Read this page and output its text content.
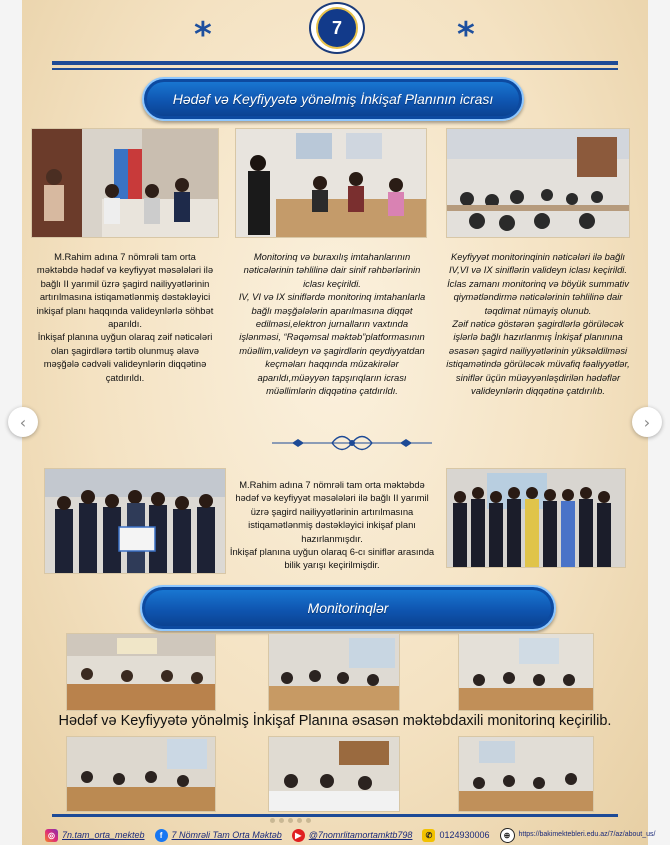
*	*
7
Hədəf və Keyfiyyətə yönəlmiş İnkişaf Planının icrası

M.Rahim adına 7 nömrəli tam orta məktəbdə hədəf və keyfiyyət məsələləri ilə bağlı II yarımil üzrə şagird nailiyyətlərinin artırılmasına istiqamətlənmiş dəstəkləyici inkişaf planı haqqında valideynlərlə söhbət aparıldı.
İnkişaf planına uyğun olaraq zəif nəticələri olan şagirdlərə tərtib olunmuş əlavə məşğələ cədvəli valideynlərin diqqətinə çatdırıldı.

Monitorinq və buraxılış imtahanlarının nəticələrinin təhlilinə dair sinif rəhbərlərinin iclası keçirildi.
IV, VI və IX siniflərdə monitorinq imtahanlarla bağlı məşğələlərin aparılmasına diqqət edilməsi,elektron jurnalların vaxtında işlənməsi, “Rəqəmsal məktəb”platformasının müəllim,valideyn və şagirdlərin qeydiyyatdan keçməları haqqında müzakirələr aparıldı,müəyyən tapşırıqların icrası müəllimlərin diqqətinə çatdırıldı.

Keyfiyyət monitorinqinin nəticələri ilə bağlı IV,VI və IX siniflərin valideyn iclası keçirildi.
İclas zamanı monitorinq və böyük summativ qiymətləndirmə nəticələrinin təhlilinə dair təqdimat nümayiş olunub.
Zəif nəticə göstərən şagirdlərlə görüləcək işlərlə bağlı hazırlanmış İnkişaf planınına əsasən şagird nailiyyətlərinin yüksəldilməsi istiqamətində görüləcək müvafiq fəaliyyətlər, siniflər üçün müəyyənləşdirilən hədəflər valideynlərin diqqətinə çatdırılıb.

M.Rahim adına 7 nömrəli tam orta məktəbdə hədəf və keyfiyyət məsələləri ilə bağlı II yarımil üzrə şagird nailiyyətlərinin artırılmasına istiqamətlənmiş dəstəkləyici inkişaf planı hazırlanmışdır.
İnkişaf planına uyğun olaraq 6-cı siniflər arasında bilik yarışı keçirilmişdir.

Monitorinqlər
Hədəf və Keyfiyyətə yönəlmiş İnkişaf Planına əsasən məktəbdaxili monitorinq keçirilib.
◎ 7n.tam_orta_mekteb	f	7 Nömrəli Tam Orta Məktəb	▶ @7nomrlitamortamktb798	✆ 0124930006	⊕	https://bakimektebleri.edu.az/7/az/about_us/
‹	›
